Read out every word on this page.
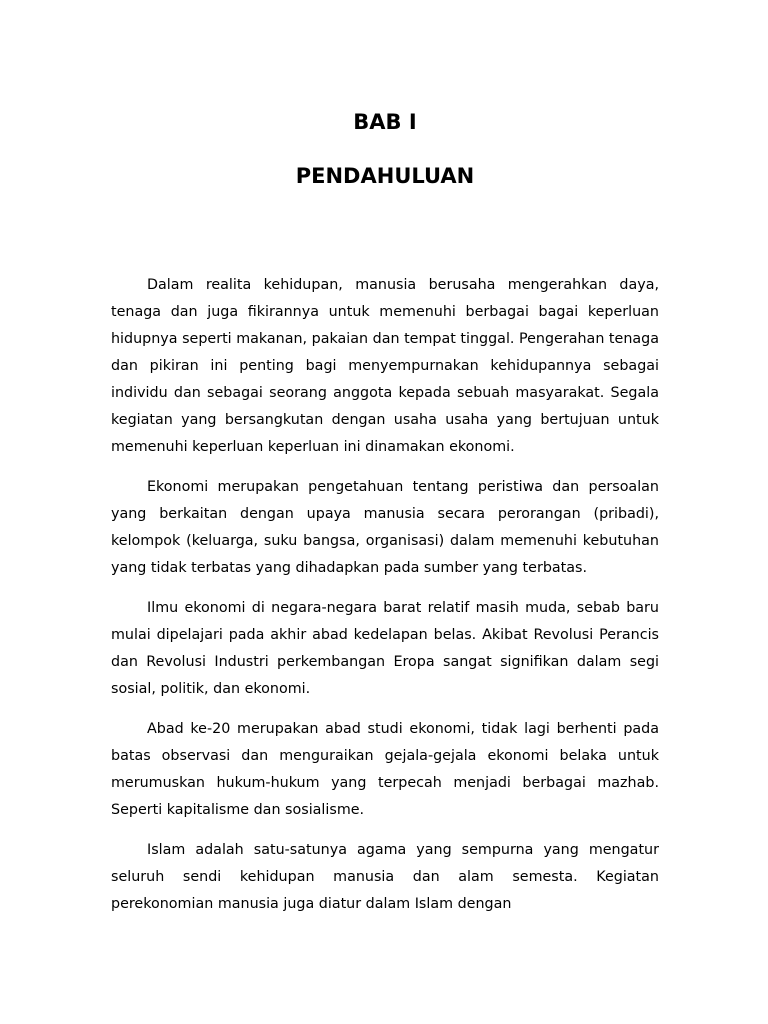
BAB I
PENDAHULUAN

Dalam realita kehidupan, manusia berusaha mengerahkan daya, tenaga dan juga fikirannya untuk memenuhi berbagai bagai keperluan hidupnya seperti makanan, pakaian dan tempat tinggal. Pengerahan tenaga dan pikiran ini penting bagi menyempurnakan kehidupannya sebagai individu dan sebagai seorang anggota kepada sebuah masyarakat. Segala kegiatan yang bersangkutan dengan usaha usaha yang bertujuan untuk memenuhi keperluan keperluan ini dinamakan ekonomi.

Ekonomi merupakan pengetahuan tentang peristiwa dan persoalan yang berkaitan dengan upaya manusia secara perorangan (pribadi), kelompok (keluarga, suku bangsa, organisasi) dalam memenuhi kebutuhan yang tidak terbatas yang dihadapkan pada sumber yang terbatas.

Ilmu ekonomi di negara-negara barat relatif masih muda, sebab baru mulai dipelajari pada akhir abad kedelapan belas. Akibat Revolusi Perancis dan Revolusi Industri perkembangan Eropa sangat signifikan dalam segi sosial, politik, dan ekonomi.

Abad ke-20 merupakan abad studi ekonomi, tidak lagi berhenti pada batas observasi dan menguraikan gejala-gejala ekonomi belaka untuk merumuskan hukum-hukum yang terpecah menjadi berbagai mazhab. Seperti kapitalisme dan sosialisme.

Islam adalah satu-satunya agama yang sempurna yang mengatur seluruh sendi kehidupan manusia dan alam semesta. Kegiatan perekonomian manusia juga diatur dalam Islam dengan
